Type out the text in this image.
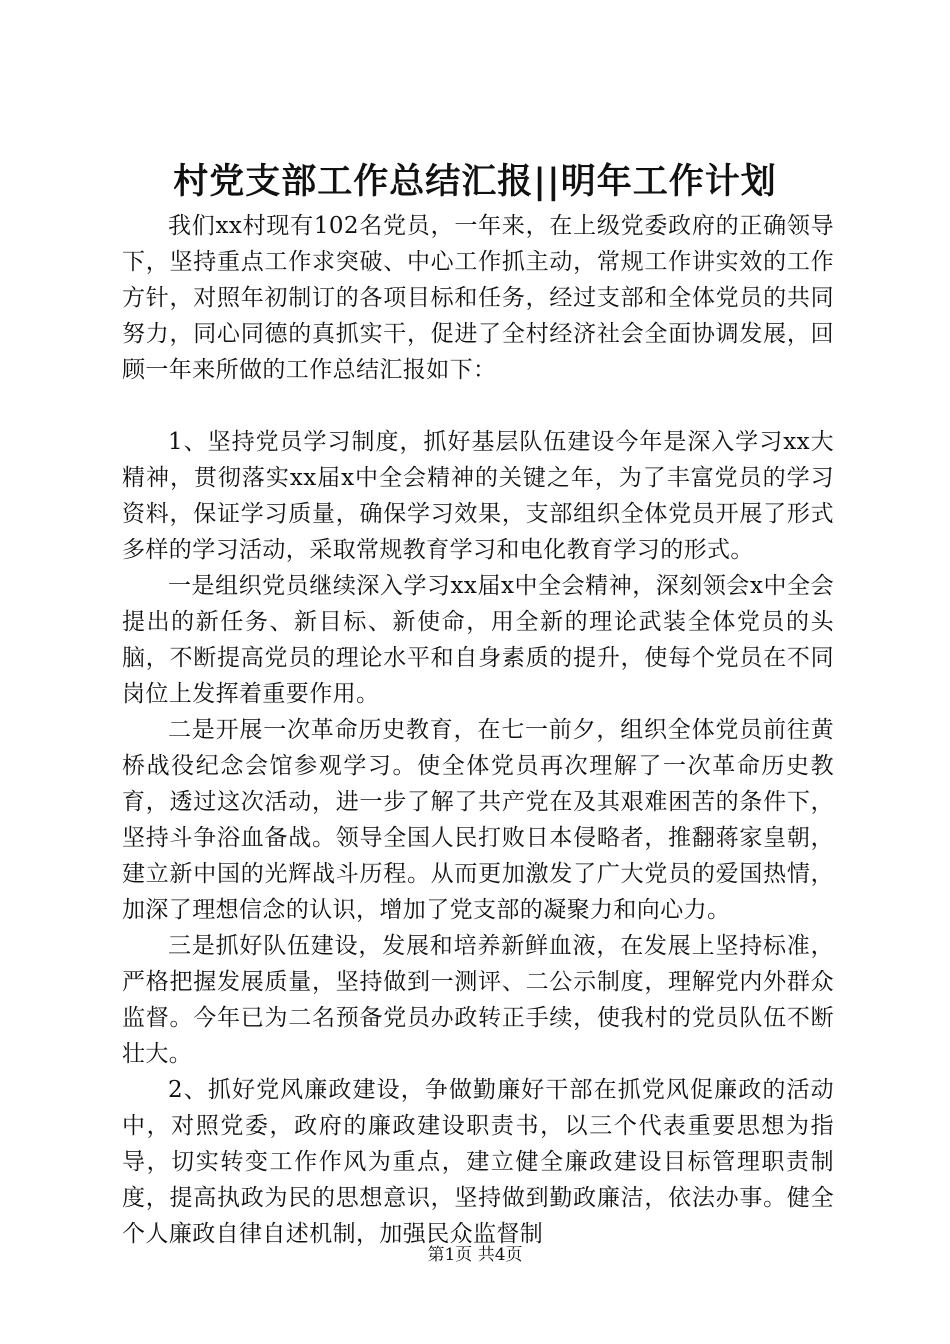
村党支部工作总结汇报||明年工作计划

我们xx村现有102名党员，一年来，在上级党委政府的正确领导下，坚持重点工作求突破、中心工作抓主动，常规工作讲实效的工作方针，对照年初制订的各项目标和任务，经过支部和全体党员的共同努力，同心同德的真抓实干，促进了全村经济社会全面协调发展，回顾一年来所做的工作总结汇报如下：

1、坚持党员学习制度，抓好基层队伍建设今年是深入学习xx大精神，贯彻落实xx届x中全会精神的关键之年，为了丰富党员的学习资料，保证学习质量，确保学习效果，支部组织全体党员开展了形式多样的学习活动，采取常规教育学习和电化教育学习的形式。

一是组织党员继续深入学习xx届x中全会精神，深刻领会x中全会提出的新任务、新目标、新使命，用全新的理论武装全体党员的头脑，不断提高党员的理论水平和自身素质的提升，使每个党员在不同岗位上发挥着重要作用。

二是开展一次革命历史教育，在七一前夕，组织全体党员前往黄桥战役纪念会馆参观学习。使全体党员再次理解了一次革命历史教育，透过这次活动，进一步了解了共产党在及其艰难困苦的条件下，坚持斗争浴血备战。领导全国人民打败日本侵略者，推翻蒋家皇朝，建立新中国的光辉战斗历程。从而更加激发了广大党员的爱国热情，加深了理想信念的认识，增加了党支部的凝聚力和向心力。

三是抓好队伍建设，发展和培养新鲜血液，在发展上坚持标准，严格把握发展质量，坚持做到一测评、二公示制度，理解党内外群众监督。今年已为二名预备党员办政转正手续，使我村的党员队伍不断壮大。

2、抓好党风廉政建设，争做勤廉好干部在抓党风促廉政的活动中，对照党委，政府的廉政建设职责书，以三个代表重要思想为指导，切实转变工作作风为重点，建立健全廉政建设目标管理职责制度，提高执政为民的思想意识，坚持做到勤政廉洁，依法办事。健全个人廉政自律自述机制，加强民众监督制

第1页 共4页
